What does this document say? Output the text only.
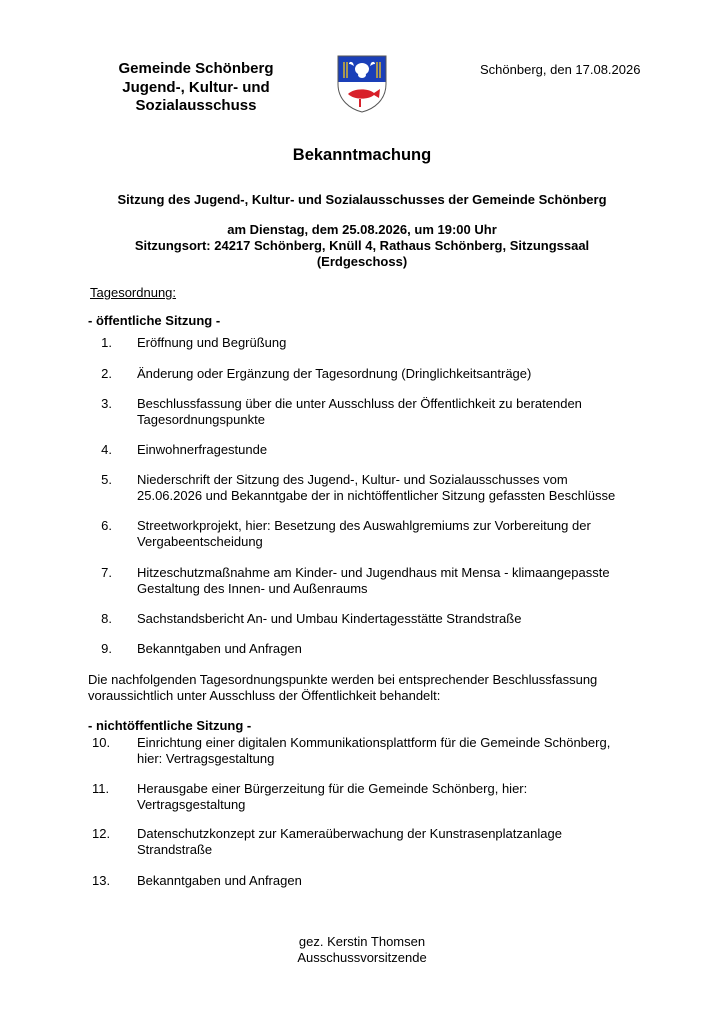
Gemeinde Schönberg
Jugend-, Kultur- und
Sozialausschuss
Schönberg, den 17.08.2026
Bekanntmachung
Sitzung des Jugend-, Kultur- und Sozialausschusses der Gemeinde Schönberg
am Dienstag, dem 25.08.2026, um 19:00 Uhr
Sitzungsort: 24217 Schönberg, Knüll 4, Rathaus Schönberg, Sitzungssaal
(Erdgeschoss)
Tagesordnung:
- öffentliche Sitzung -
1. Eröffnung und Begrüßung
2. Änderung oder Ergänzung der Tagesordnung (Dringlichkeitsanträge)
3. Beschlussfassung über die unter Ausschluss der Öffentlichkeit zu beratenden
Tagesordnungspunkte
4. Einwohnerfragestunde
5. Niederschrift der Sitzung des Jugend-, Kultur- und Sozialausschusses vom
25.06.2026 und Bekanntgabe der in nichtöffentlicher Sitzung gefassten Beschlüsse
6. Streetworkprojekt, hier: Besetzung des Auswahlgremiums zur Vorbereitung der
Vergabeentscheidung
7. Hitzeschutzmaßnahme am Kinder- und Jugendhaus mit Mensa - klimaangepasste
Gestaltung des Innen- und Außenraums
8. Sachstandsbericht An- und Umbau Kindertagesstätte Strandstraße
9. Bekanntgaben und Anfragen
Die nachfolgenden Tagesordnungspunkte werden bei entsprechender Beschlussfassung
voraussichtlich unter Ausschluss der Öffentlichkeit behandelt:
- nichtöffentliche Sitzung -
10. Einrichtung einer digitalen Kommunikationsplattform für die Gemeinde Schönberg,
hier: Vertragsgestaltung
11. Herausgabe einer Bürgerzeitung für die Gemeinde Schönberg, hier:
Vertragsgestaltung
12. Datenschutzkonzept zur Kameraüberwachung der Kunstrasenplatzanlage
Strandstraße
13. Bekanntgaben und Anfragen
gez. Kerstin Thomsen
Ausschussvorsitzende
